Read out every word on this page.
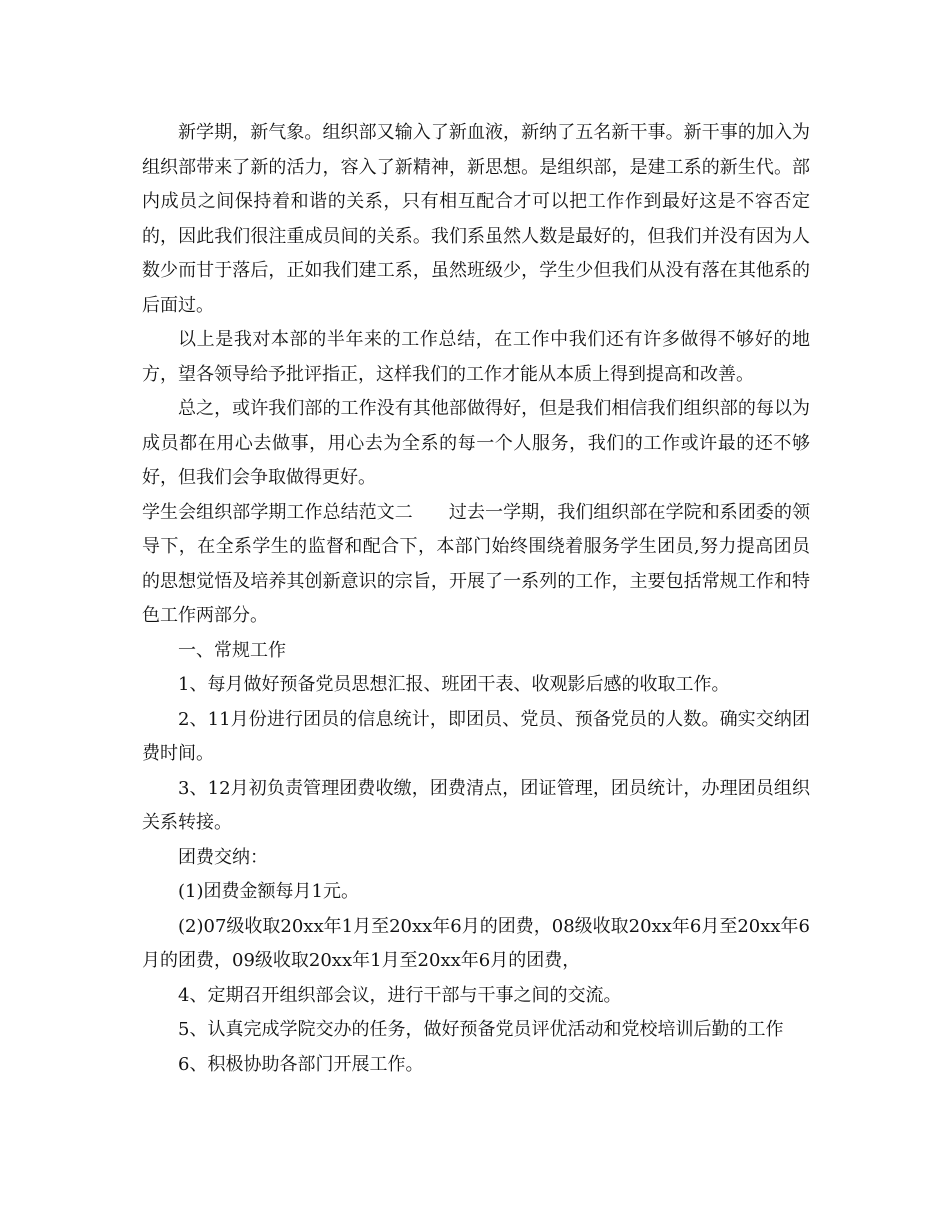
新学期，新气象。组织部又输入了新血液，新纳了五名新干事。新干事的加入为组织部带来了新的活力，容入了新精神，新思想。是组织部，是建工系的新生代。部内成员之间保持着和谐的关系，只有相互配合才可以把工作作到最好这是不容否定的，因此我们很注重成员间的关系。我们系虽然人数是最好的，但我们并没有因为人数少而甘于落后，正如我们建工系，虽然班级少，学生少但我们从没有落在其他系的后面过。

以上是我对本部的半年来的工作总结，在工作中我们还有许多做得不够好的地方，望各领导给予批评指正，这样我们的工作才能从本质上得到提高和改善。

总之，或许我们部的工作没有其他部做得好，但是我们相信我们组织部的每以为成员都在用心去做事，用心去为全系的每一个人服务，我们的工作或许最的还不够好，但我们会争取做得更好。

学生会组织部学期工作总结范文二 过去一学期，我们组织部在学院和系团委的领导下，在全系学生的监督和配合下，本部门始终围绕着服务学生团员,努力提高团员的思想觉悟及培养其创新意识的宗旨，开展了一系列的工作，主要包括常规工作和特色工作两部分。

一、常规工作

1、每月做好预备党员思想汇报、班团干表、收观影后感的收取工作。

2、11月份进行团员的信息统计，即团员、党员、预备党员的人数。确实交纳团费时间。

3、12月初负责管理团费收缴，团费清点，团证管理，团员统计，办理团员组织关系转接。

团费交纳：

(1)团费金额每月1元。

(2)07级收取20xx年1月至20xx年6月的团费，08级收取20xx年6月至20xx年6月的团费，09级收取20xx年1月至20xx年6月的团费，

4、定期召开组织部会议，进行干部与干事之间的交流。

5、认真完成学院交办的任务，做好预备党员评优活动和党校培训后勤的工作

6、积极协助各部门开展工作。
